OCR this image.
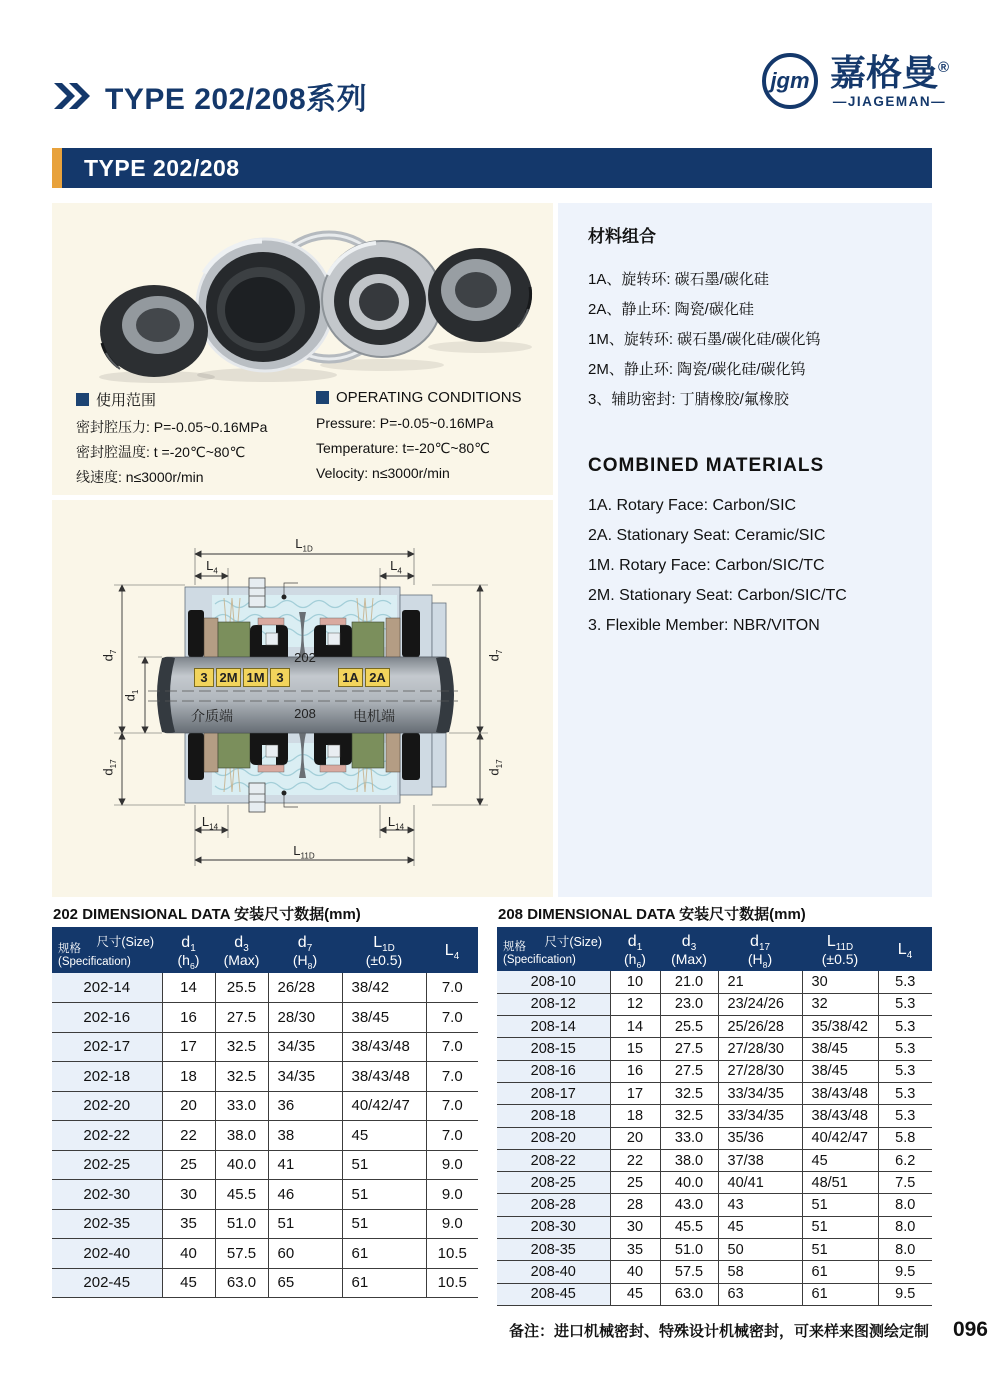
TYPE 202/208系列
jgm 嘉格曼®
—JIAGEMAN—
TYPE 202/208
使用范围
密封腔压力: P=-0.05~0.16MPa
密封腔温度: t =-20℃~80℃
线速度: n≤3000r/min
OPERATING CONDITIONS
Pressure: P=-0.05~0.16MPa
Temperature: t=-20℃~80℃
Velocity: n≤3000r/min
材料组合
1A、旋转环: 碳石墨/碳化硅
2A、静止环: 陶瓷/碳化硅
1M、旋转环: 碳石墨/碳化硅/碳化钨
2M、静止环: 陶瓷/碳化硅/碳化钨
3、辅助密封: 丁腈橡胶/氟橡胶
COMBINED MATERIALS
1A. Rotary Face: Carbon/SIC
2A. Stationary Seat: Ceramic/SIC
1M. Rotary Face: Carbon/SIC/TC
2M. Stationary Seat: Carbon/SIC/TC
3. Flexible Member: NBR/VITON
$L_{1D}$
$L_4$	$L_4$
$d_7$
$d_1$
$d_{17}$
$d_7$
$d_{17}$
$L_{14}$	$L_{14}$
$L_{11D}$
3 2M 1M 3	1A 2A
202
介质端	208	电机端
202 DIMENSIONAL DATA 安装尺寸数据(mm)
尺寸(Size)
规格
(Specification)

$d_1$
$(h_6)$

$d_3$
(Max)

$d_7$
$(H_8)$

$L_{1D}$
(±0.5)

$L_4$

202-14	14	25.5	26/28	38/42	7.0
202-16	16	27.5	28/30	38/45	7.0
202-17	17	32.5	34/35	38/43/48	7.0
202-18	18	32.5	34/35	38/43/48	7.0
202-20	20	33.0	36	40/42/47	7.0
202-22	22	38.0	38	45	7.0
202-25	25	40.0	41	51	9.0
202-30	30	45.5	46	51	9.0
202-35	35	51.0	51	51	9.0
202-40	40	57.5	60	61	10.5
202-45	45	63.0	65	61	10.5
208 DIMENSIONAL DATA 安装尺寸数据(mm)
尺寸(Size)
规格
(Specification)

$d_1$
$(h_6)$

$d_3$
(Max)

$d_{17}$
$(H_8)$

$L_{11D}$
(±0.5)

$L_4$

208-10	10	21.0	21	30	5.3
208-12	12	23.0	23/24/26	32	5.3
208-14	14	25.5	25/26/28	35/38/42	5.3
208-15	15	27.5	27/28/30	38/45	5.3
208-16	16	27.5	27/28/30	38/45	5.3
208-17	17	32.5	33/34/35	38/43/48	5.3
208-18	18	32.5	33/34/35	38/43/48	5.3
208-20	20	33.0	35/36	40/42/47	5.8
208-22	22	38.0	37/38	45	6.2
208-25	25	40.0	40/41	48/51	7.5
208-28	28	43.0	43	51	8.0
208-30	30	45.5	45	51	8.0
208-35	35	51.0	50	51	8.0
208-40	40	57.5	58	61	9.5
208-45	45	63.0	63	61	9.5
备注：进口机械密封、特殊设计机械密封，可来样来图测绘定制 096
